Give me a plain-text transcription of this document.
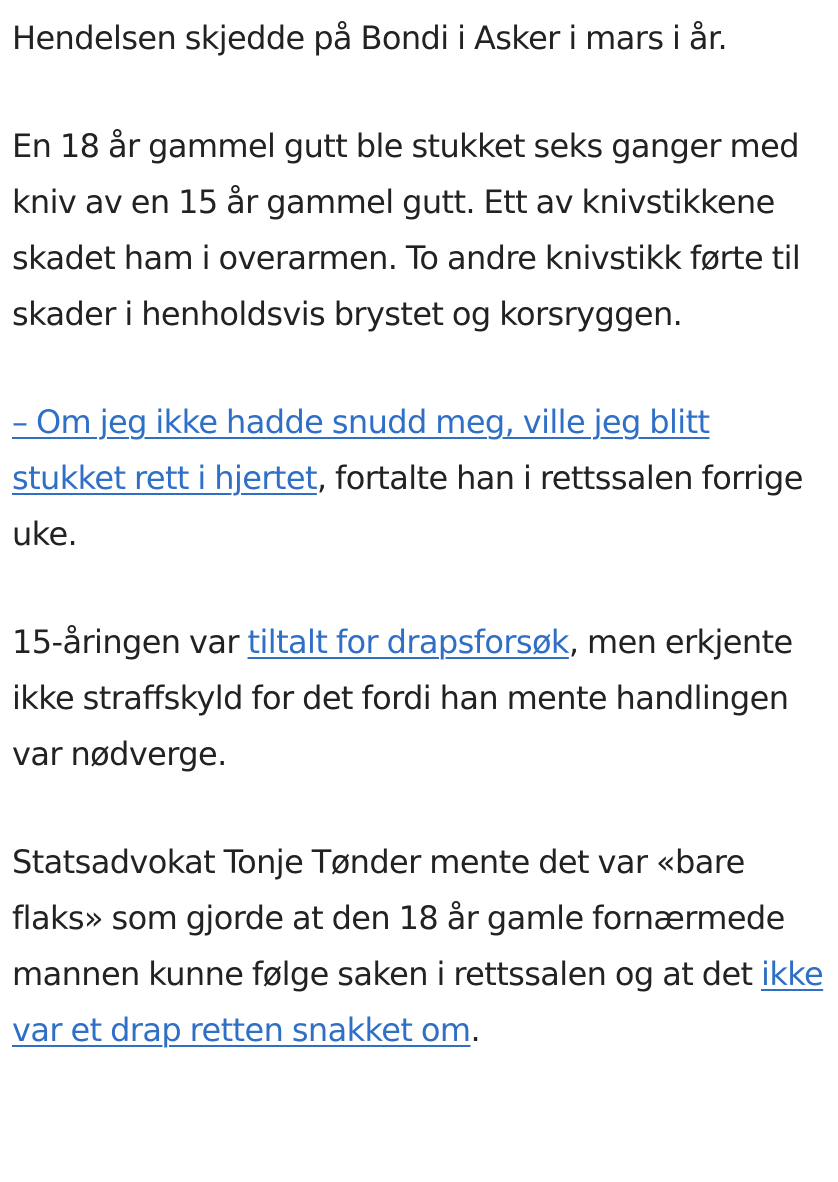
Hendelsen skjedde på Bondi i Asker i mars i år.

En 18 år gammel gutt ble stukket seks ganger med kniv av en 15 år gammel gutt. Ett av knivstikkene skadet ham i overarmen. To andre knivstikk førte til skader i henholdsvis brystet og korsryggen.

– Om jeg ikke hadde snudd meg, ville jeg blitt stukket rett i hjertet, fortalte han i rettssalen forrige uke.

15-åringen var tiltalt for drapsforsøk, men erkjente ikke straffskyld for det fordi han mente handlingen var nødverge.

Statsadvokat Tonje Tønder mente det var «bare flaks» som gjorde at den 18 år gamle fornærmede mannen kunne følge saken i rettssalen og at det ikke var et drap retten snakket om.
